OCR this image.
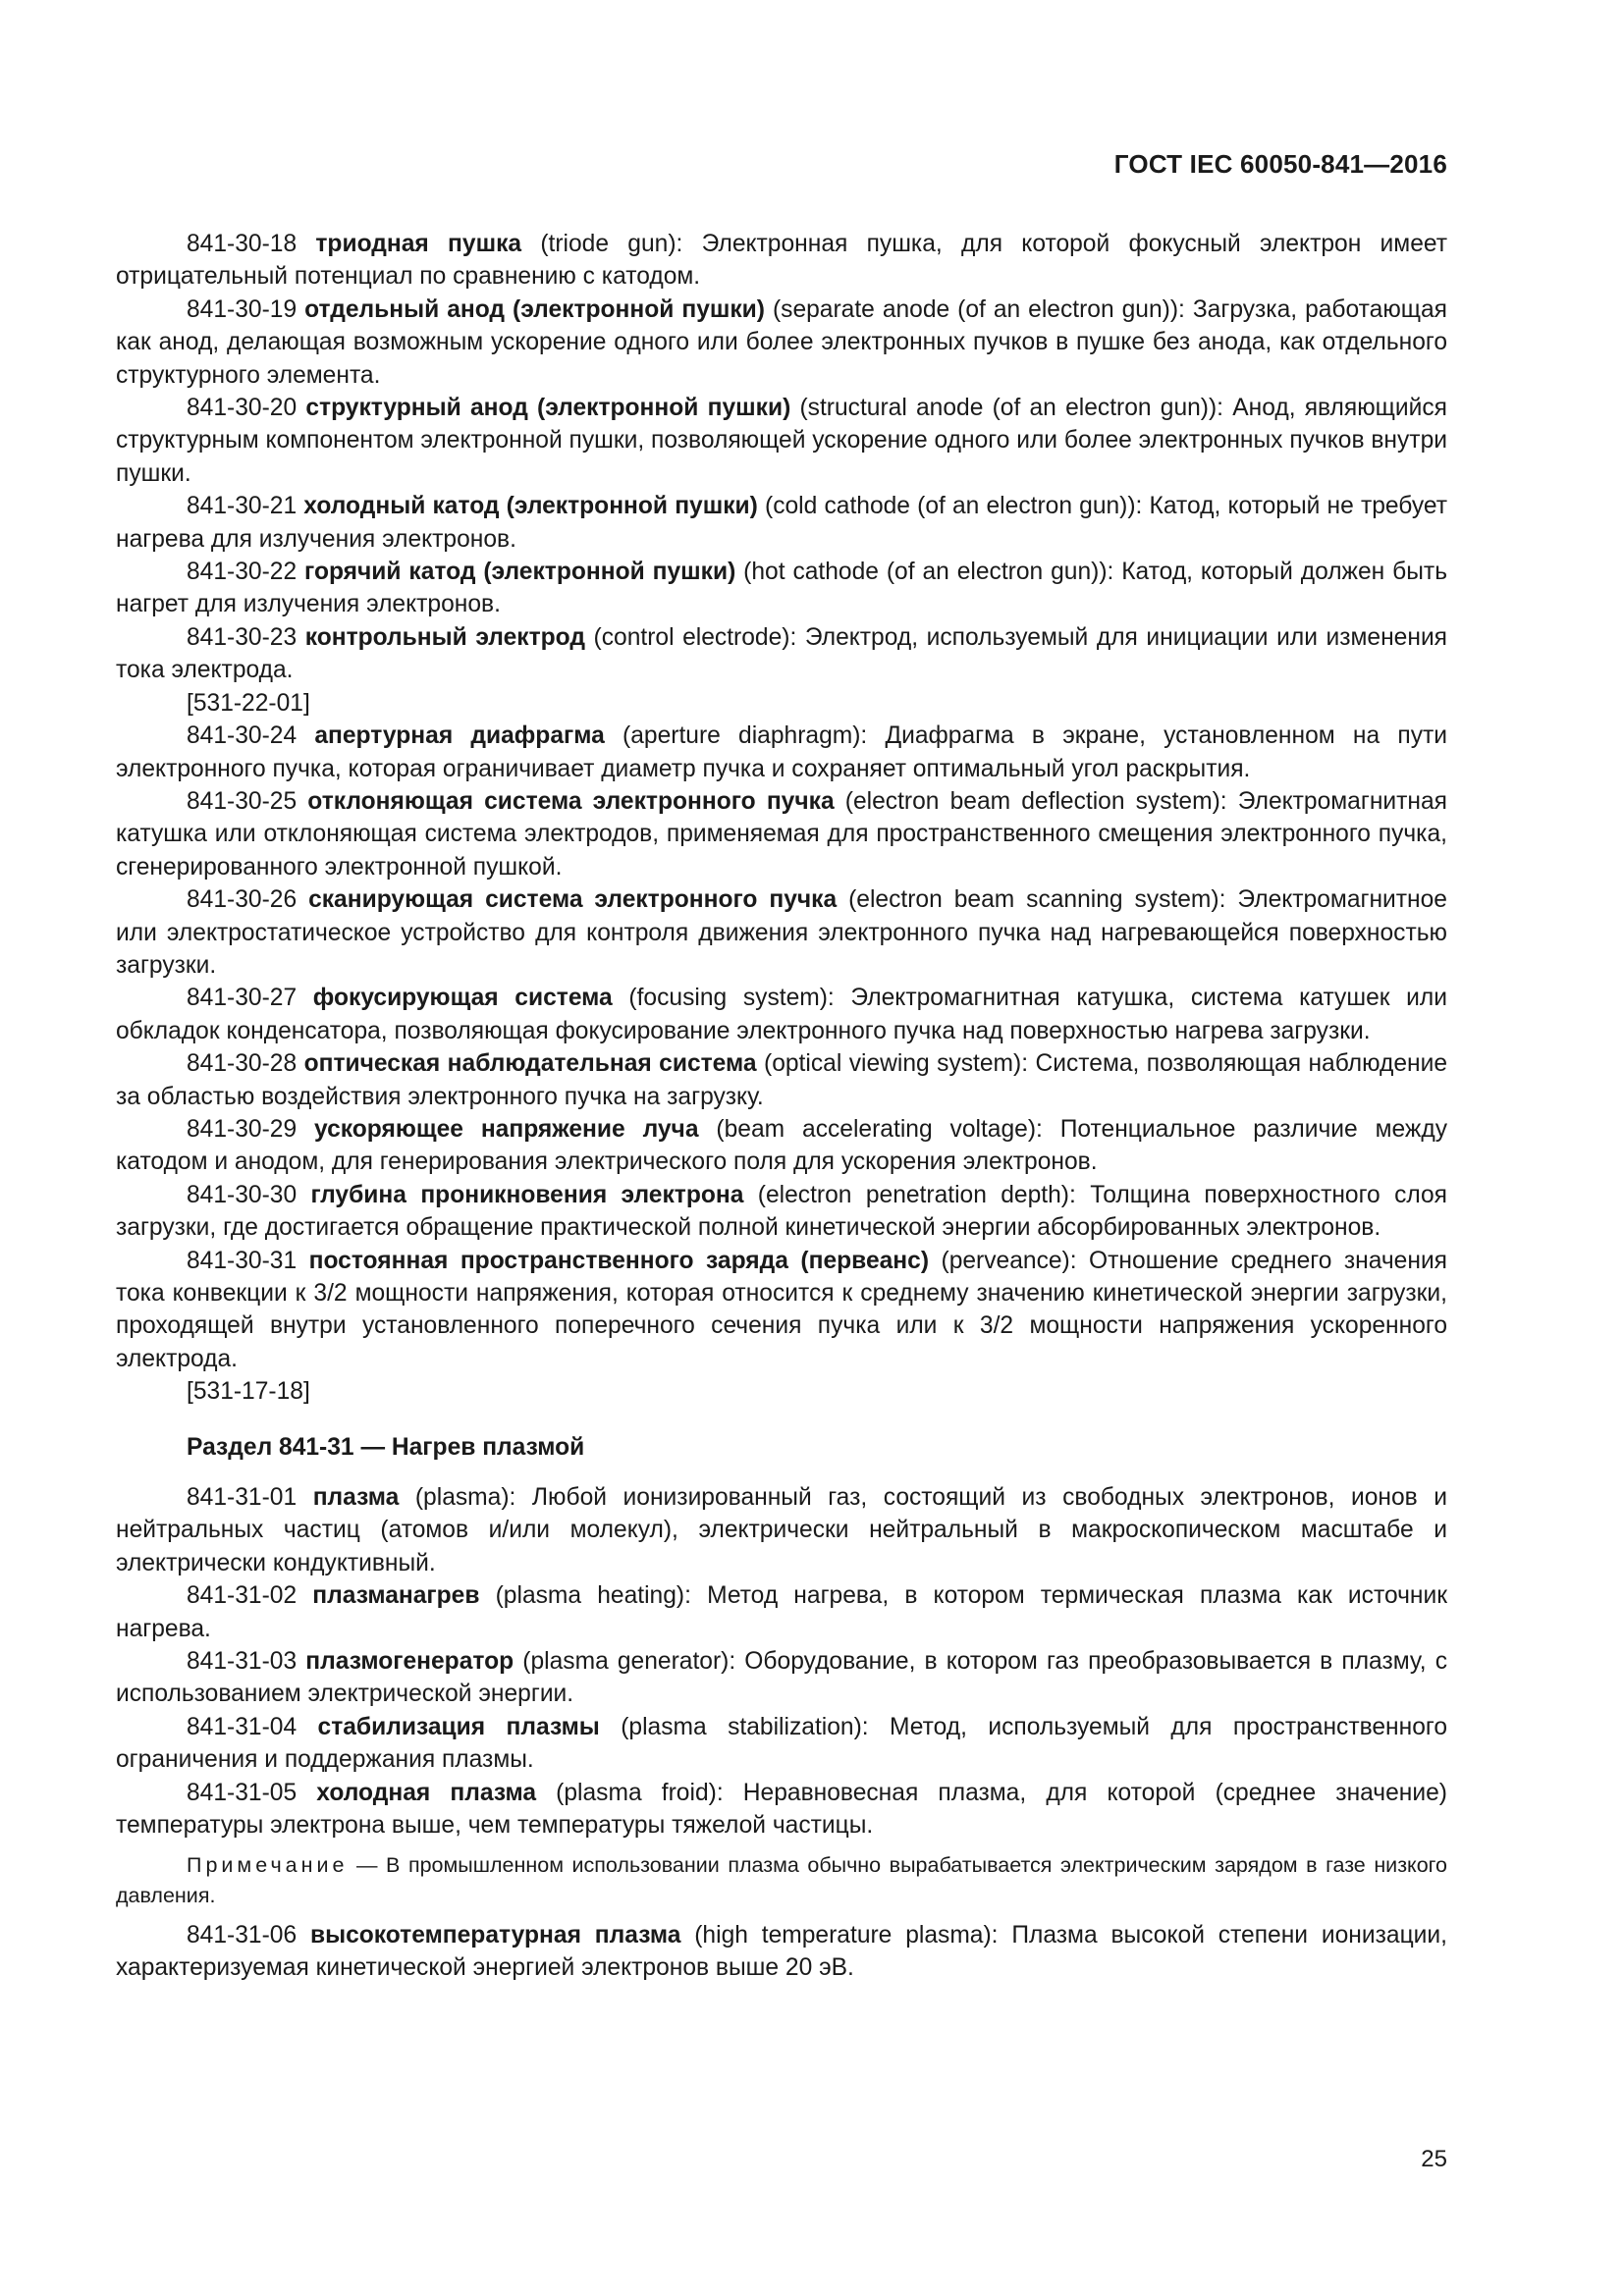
ГОСТ IEC 60050-841—2016

841-30-18 триодная пушка (triode gun): Электронная пушка, для которой фокусный электрон имеет отрицательный потенциал по сравнению с катодом.

841-30-19 отдельный анод (электронной пушки) (separate anode (of an electron gun)): Загрузка, работающая как анод, делающая возможным ускорение одного или более электронных пучков в пушке без анода, как отдельного структурного элемента.

841-30-20 структурный анод (электронной пушки) (structural anode (of an electron gun)): Анод, являющийся структурным компонентом электронной пушки, позволяющей ускорение одного или более электронных пучков внутри пушки.

841-30-21 холодный катод (электронной пушки) (cold cathode (of an electron gun)): Катод, который не требует нагрева для излучения электронов.

841-30-22 горячий катод (электронной пушки) (hot cathode (of an electron gun)): Катод, который должен быть нагрет для излучения электронов.

841-30-23 контрольный электрод (control electrode): Электрод, используемый для инициации или изменения тока электрода.

[531-22-01]

841-30-24 апертурная диафрагма (aperture diaphragm): Диафрагма в экране, установленном на пути электронного пучка, которая ограничивает диаметр пучка и сохраняет оптимальный угол раскрытия.

841-30-25 отклоняющая система электронного пучка (electron beam deflection system): Электромагнитная катушка или отклоняющая система электродов, применяемая для пространственного смещения электронного пучка, сгенерированного электронной пушкой.

841-30-26 сканирующая система электронного пучка (electron beam scanning system): Электромагнитное или электростатическое устройство для контроля движения электронного пучка над нагревающейся поверхностью загрузки.

841-30-27 фокусирующая система (focusing system): Электромагнитная катушка, система катушек или обкладок конденсатора, позволяющая фокусирование электронного пучка над поверхностью нагрева загрузки.

841-30-28 оптическая наблюдательная система (optical viewing system): Система, позволяющая наблюдение за областью воздействия электронного пучка на загрузку.

841-30-29 ускоряющее напряжение луча (beam accelerating voltage): Потенциальное различие между катодом и анодом, для генерирования электрического поля для ускорения электронов.

841-30-30 глубина проникновения электрона (electron penetration depth): Толщина поверхностного слоя загрузки, где достигается обращение практической полной кинетической энергии абсорбированных электронов.

841-30-31 постоянная пространственного заряда (первеанс) (perveance): Отношение среднего значения тока конвекции к 3/2 мощности напряжения, которая относится к среднему значению кинетической энергии загрузки, проходящей внутри установленного поперечного сечения пучка или к 3/2 мощности напряжения ускоренного электрода.

[531-17-18]

Раздел 841-31 — Нагрев плазмой

841-31-01 плазма (plasma): Любой ионизированный газ, состоящий из свободных электронов, ионов и нейтральных частиц (атомов и/или молекул), электрически нейтральный в макроскопическом масштабе и электрически кондуктивный.

841-31-02 плазманагрев (plasma heating): Метод нагрева, в котором термическая плазма как источник нагрева.

841-31-03 плазмогенератор (plasma generator): Оборудование, в котором газ преобразовывается в плазму, с использованием электрической энергии.

841-31-04 стабилизация плазмы (plasma stabilization): Метод, используемый для пространственного ограничения и поддержания плазмы.

841-31-05 холодная плазма (plasma froid): Неравновесная плазма, для которой (среднее значение) температуры электрона выше, чем температуры тяжелой частицы.

Примечание — В промышленном использовании плазма обычно вырабатывается электрическим зарядом в газе низкого давления.

841-31-06 высокотемпературная плазма (high temperature plasma): Плазма высокой степени ионизации, характеризуемая кинетической энергией электронов выше 20 эВ.

25
